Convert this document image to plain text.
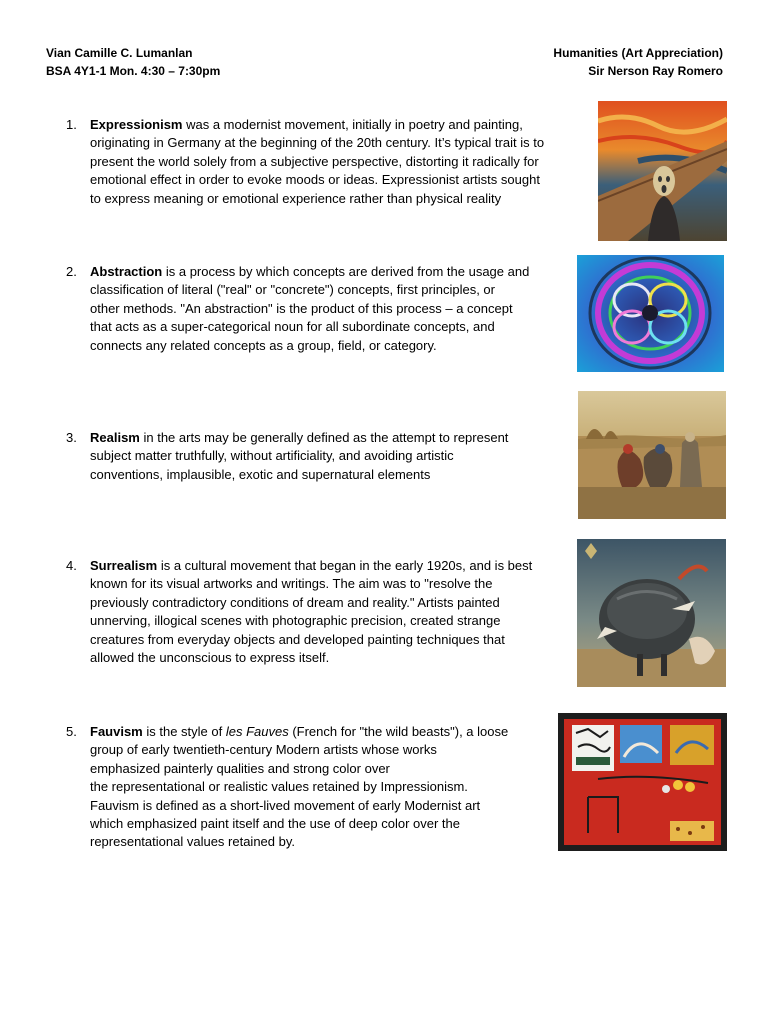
Vian Camille C. Lumanlan
BSA 4Y1-1 Mon. 4:30 – 7:30pm
Humanities (Art Appreciation)
Sir Nerson Ray Romero
1.	Expressionism was a modernist movement, initially in poetry and painting,
originating in Germany at the beginning of the 20th century. It’s typical trait is to
present the world solely from a subjective perspective, distorting it radically for
emotional effect in order to evoke moods or ideas. Expressionist artists sought
to express meaning or emotional experience rather than physical reality
2.	Abstraction is a process by which concepts are derived from the usage and
classification of literal ("real" or "concrete") concepts, first principles, or
other methods. "An abstraction" is the product of this process – a concept
that acts as a super-categorical noun for all subordinate concepts, and
connects any related concepts as a group, field, or category.
3.	Realism in the arts may be generally defined as the attempt to represent
subject matter truthfully, without artificiality, and avoiding artistic
conventions, implausible, exotic and supernatural elements
4.	Surrealism is a cultural movement that began in the early 1920s, and is best
known for its visual artworks and writings. The aim was to "resolve the
previously contradictory conditions of dream and reality." Artists painted
unnerving, illogical scenes with photographic precision, created strange
creatures from everyday objects and developed painting techniques that
allowed the unconscious to express itself.
5.	Fauvism is the style of les Fauves (French for "the wild beasts"), a loose
group of early twentieth-century Modern artists whose works
emphasized painterly qualities and strong color over
the representational or realistic values retained by Impressionism.
Fauvism is defined as a short-lived movement of early Modernist art
which emphasized paint itself and the use of deep color over the
representational values retained by.
